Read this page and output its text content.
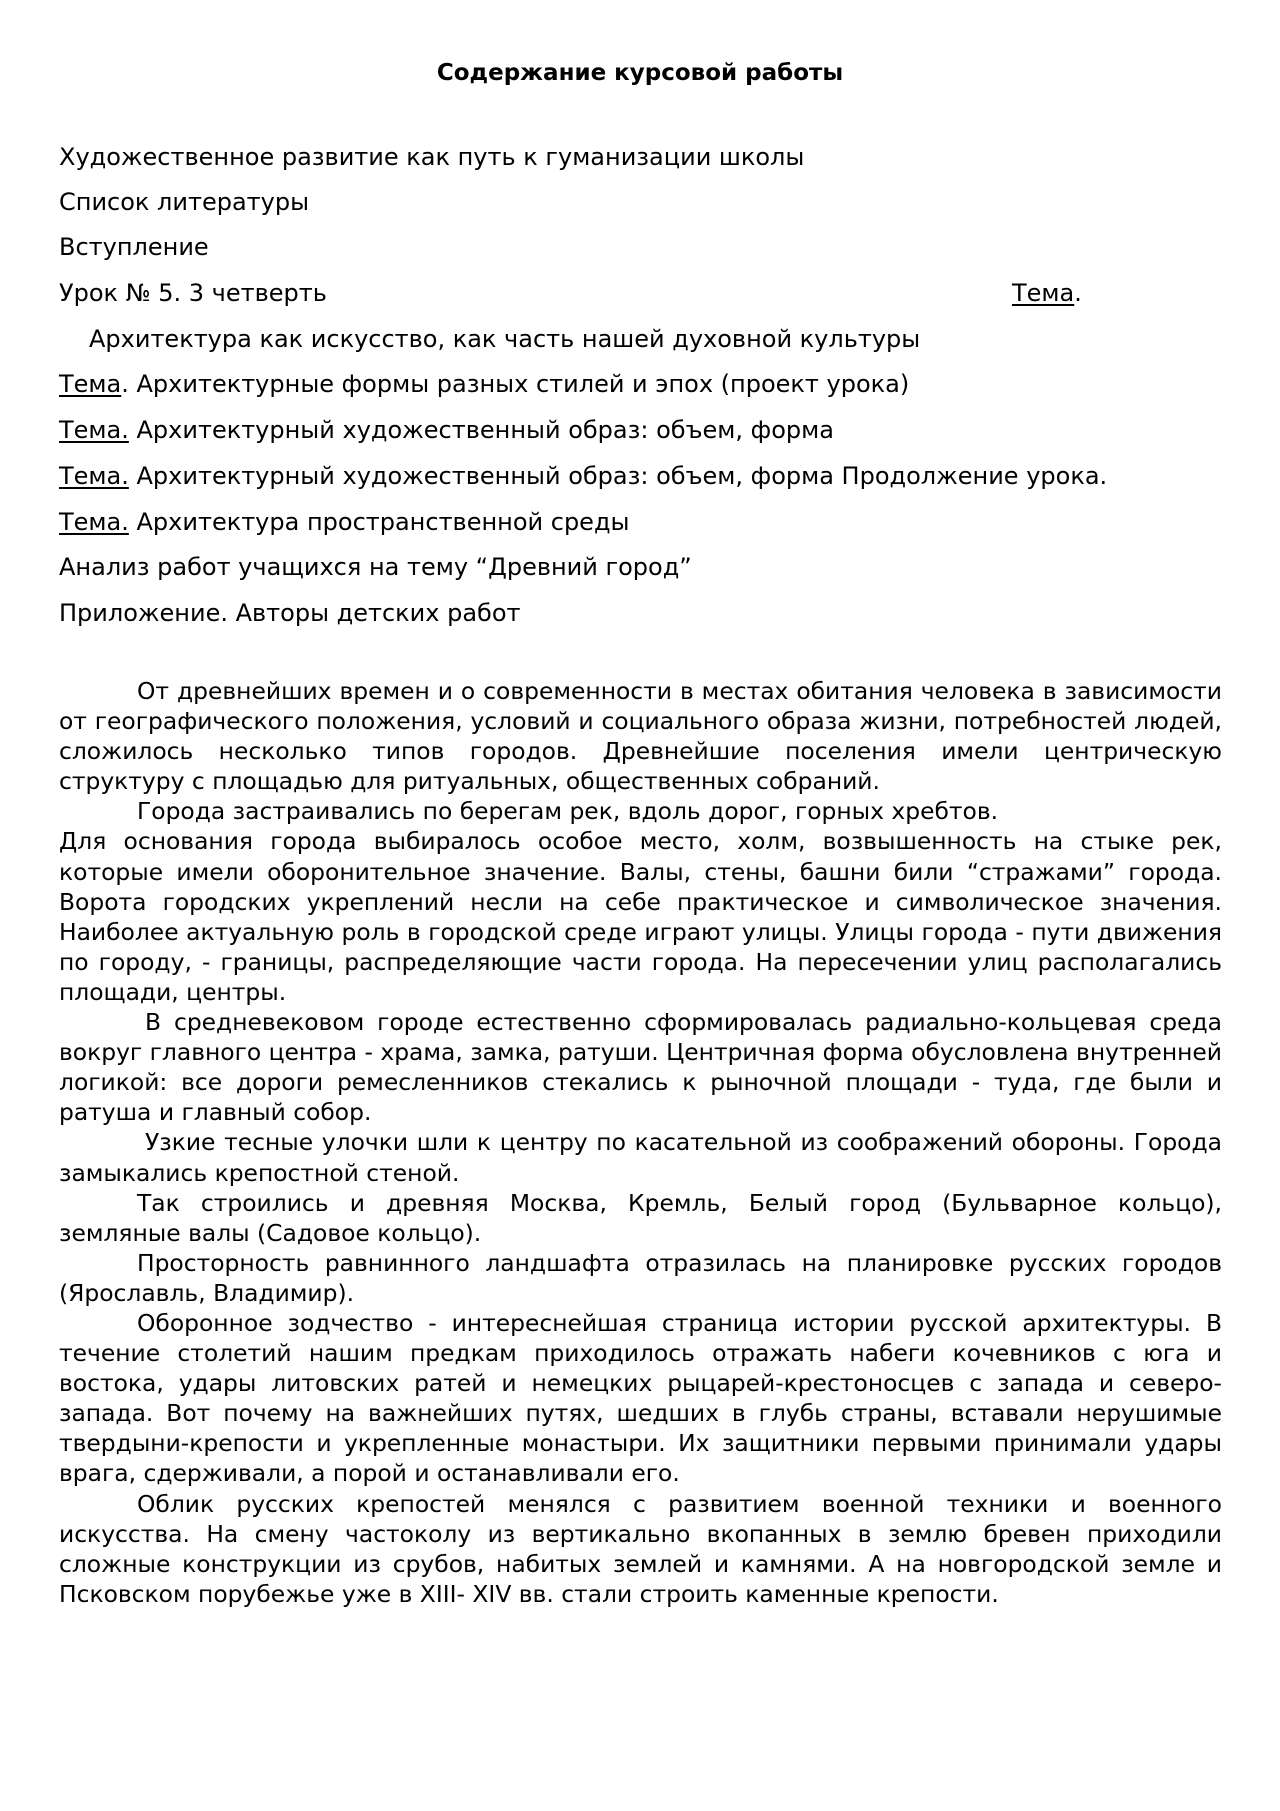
Содержание курсовой работы
Художественное развитие как путь к гуманизации школы
Список литературы
Вступление
Урок № 5. 3 четверть	Тема.
Архитектура как искусство, как часть нашей духовной культуры
Тема. Архитектурные формы разных стилей и эпох (проект урока)
Тема. Архитектурный художественный образ: объем, форма
Тема. Архитектурный художественный образ: объем, форма Продолжение урока.
Тема. Архитектура пространственной среды
Анализ работ учащихся на тему “Древний город”
Приложение. Авторы детских работ

От древнейших времен и о современности в местах обитания человека в зависимости от географического положения, условий и социального образа жизни, потребностей людей, сложилось несколько типов городов. Древнейшие поселения имели центрическую структуру с площадью для ритуальных, общественных собраний.

Города застраивались по берегам рек, вдоль дорог, горных хребтов.

Для основания города выбиралось особое место, холм, возвышенность на стыке рек, которые имели оборонительное значение. Валы, стены, башни били “стражами” города. Ворота городских укреплений несли на себе практическое и символическое значения. Наиболее актуальную роль в городской среде играют улицы. Улицы города - пути движения по городу, - границы, распределяющие части города. На пересечении улиц располагались площади, центры.

В средневековом городе естественно сформировалась радиально-кольцевая среда вокруг главного центра - храма, замка, ратуши. Центричная форма обусловлена внутренней логикой: все дороги ремесленников стекались к рыночной площади - туда, где были и ратуша и главный собор.

Узкие тесные улочки шли к центру по касательной из соображений обороны. Города замыкались крепостной стеной.

Так строились и древняя Москва, Кремль, Белый город (Бульварное кольцо), земляные валы (Садовое кольцо).

Просторность равнинного ландшафта отразилась на планировке русских городов (Ярославль, Владимир).

Оборонное зодчество - интереснейшая страница истории русской архитектуры. В течение столетий нашим предкам приходилось отражать набеги кочевников с юга и востока, удары литовских ратей и немецких рыцарей-крестоносцев с запада и северо-запада. Вот почему на важнейших путях, шедших в глубь страны, вставали нерушимые твердыни-крепости и укрепленные монастыри. Их защитники первыми принимали удары врага, сдерживали, а порой и останавливали его.

Облик русских крепостей менялся с развитием военной техники и военного искусства. На смену частоколу из вертикально вкопанных в землю бревен приходили сложные конструкции из срубов, набитых землей и камнями. А на новгородской земле и Псковском порубежье уже в XIII- XIV вв. стали строить каменные крепости.
